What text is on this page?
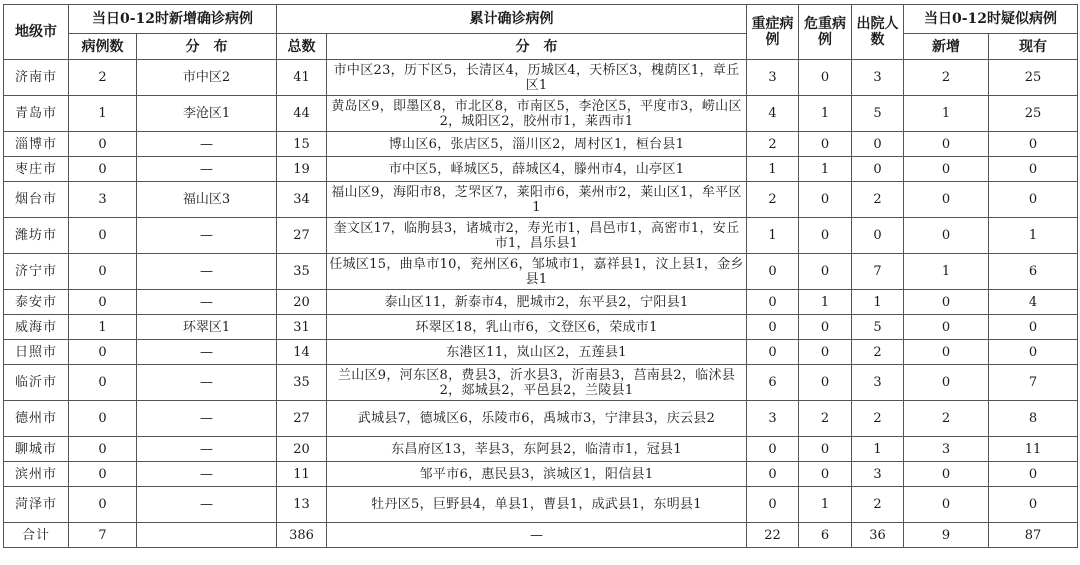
地级市	当日0-12时新增确诊病例		累计确诊病例		重症病例	危重病例	出院人数	当日0-12时疑似病例	
	病例数	分　布	总数	分　布				新增	现有
济南市	2	市中区2	41	市中区23，历下区5，长清区4，历城区4，天桥区3，槐荫区1，章丘区1	3	0	3	2	25
青岛市	1	李沧区1	44	黄岛区9，即墨区8，市北区8，市南区5，李沧区5，平度市3，崂山区2，城阳区2，胶州市1，莱西市1	4	1	5	1	25
淄博市	0	—	15	博山区6，张店区5，淄川区2，周村区1，桓台县1	2	0	0	0	0
枣庄市	0	—	19	市中区5，峄城区5，薛城区4，滕州市4，山亭区1	1	1	0	0	0
烟台市	3	福山区3	34	福山区9，海阳市8，芝罘区7，莱阳市6，莱州市2，莱山区1，牟平区1	2	0	2	0	0
潍坊市	0	—	27	奎文区17，临朐县3，诸城市2，寿光市1，昌邑市1，高密市1，安丘市1，昌乐县1	1	0	0	0	1
济宁市	0	—	35	任城区15，曲阜市10，兖州区6，邹城市1，嘉祥县1，汶上县1，金乡县1	0	0	7	1	6
泰安市	0	—	20	泰山区11，新泰市4，肥城市2，东平县2，宁阳县1	0	1	1	0	4
威海市	1	环翠区1	31	环翠区18，乳山市6，文登区6，荣成市1	0	0	5	0	0
日照市	0	—	14	东港区11，岚山区2，五莲县1	0	0	2	0	0
临沂市	0	—	35	兰山区9，河东区8，费县3，沂水县3，沂南县3，莒南县2，临沭县2，郯城县2，平邑县2，兰陵县1	6	0	3	0	7
德州市	0	—	27	武城县7，德城区6，乐陵市6，禹城市3，宁津县3，庆云县2	3	2	2	2	8
聊城市	0	—	20	东昌府区13，莘县3，东阿县2，临清市1，冠县1	0	0	1	3	11
滨州市	0	—	11	邹平市6，惠民县3，滨城区1，阳信县1	0	0	3	0	0
菏泽市	0	—	13	牡丹区5，巨野县4，单县1，曹县1，成武县1，东明县1	0	1	2	0	0
合计	7		386	—	22	6	36	9	87
